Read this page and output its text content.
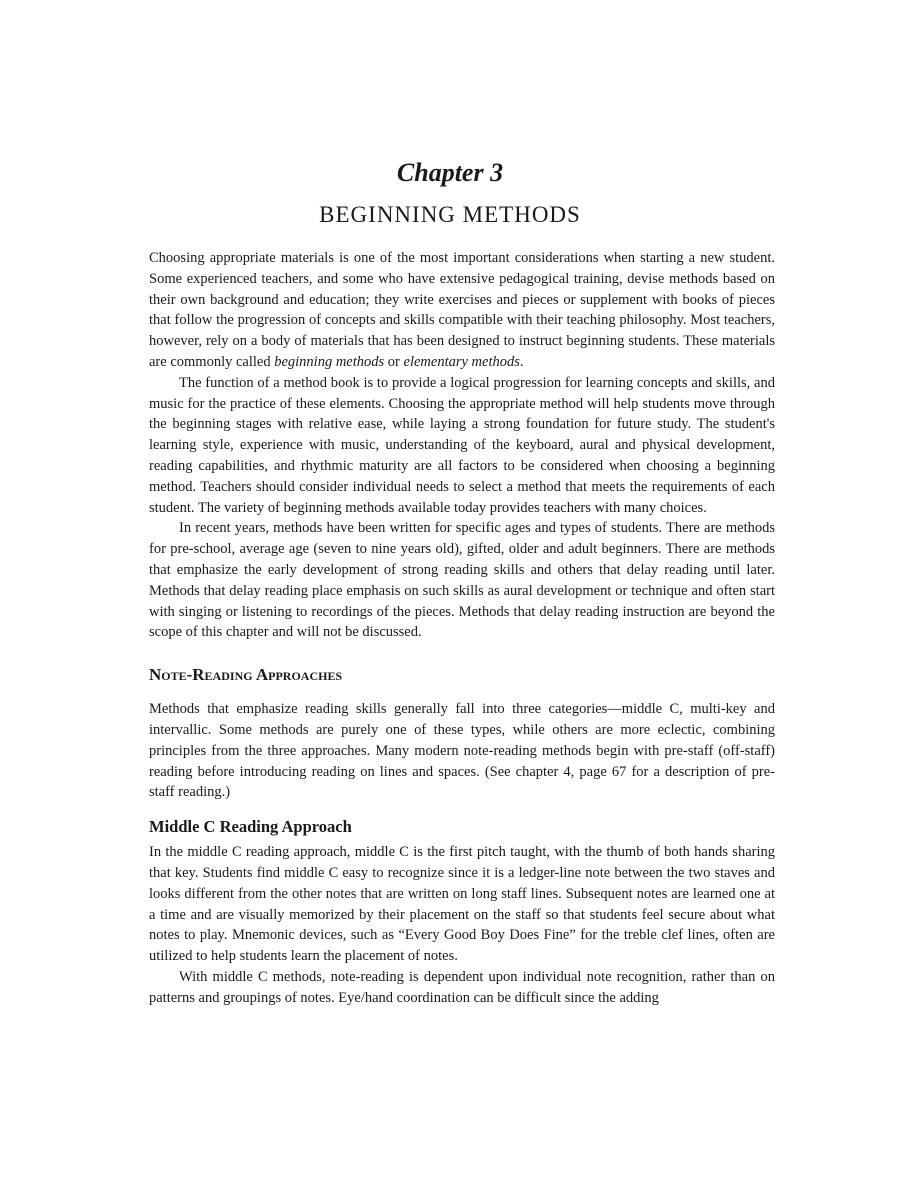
Chapter 3
BEGINNING METHODS

Choosing appropriate materials is one of the most important considerations when starting a new student. Some experienced teachers, and some who have extensive pedagogical training, devise methods based on their own background and education; they write exercises and pieces or supplement with books of pieces that follow the progression of concepts and skills compatible with their teaching philosophy. Most teachers, however, rely on a body of materials that has been designed to instruct beginning students. These materials are commonly called beginning methods or elementary methods.

The function of a method book is to provide a logical progression for learning concepts and skills, and music for the practice of these elements. Choosing the appropriate method will help students move through the beginning stages with relative ease, while laying a strong foundation for future study. The student's learning style, experience with music, understanding of the keyboard, aural and physical development, reading capabilities, and rhythmic maturity are all factors to be considered when choosing a beginning method. Teachers should consider individual needs to select a method that meets the requirements of each student. The variety of beginning methods available today provides teachers with many choices.

In recent years, methods have been written for specific ages and types of students. There are methods for pre-school, average age (seven to nine years old), gifted, older and adult beginners. There are methods that emphasize the early development of strong reading skills and others that delay reading until later. Methods that delay reading place emphasis on such skills as aural development or technique and often start with singing or listening to recordings of the pieces. Methods that delay reading instruction are beyond the scope of this chapter and will not be discussed.

Note-Reading Approaches

Methods that emphasize reading skills generally fall into three categories—middle C, multi-key and intervallic. Some methods are purely one of these types, while others are more eclectic, combining principles from the three approaches. Many modern note-reading methods begin with pre-staff (off-staff) reading before introducing reading on lines and spaces. (See chapter 4, page 67 for a description of pre-staff reading.)

Middle C Reading Approach

In the middle C reading approach, middle C is the first pitch taught, with the thumb of both hands sharing that key. Students find middle C easy to recognize since it is a ledger-line note between the two staves and looks different from the other notes that are written on long staff lines. Subsequent notes are learned one at a time and are visually memorized by their placement on the staff so that students feel secure about what notes to play. Mnemonic devices, such as “Every Good Boy Does Fine” for the treble clef lines, often are utilized to help students learn the placement of notes.

With middle C methods, note-reading is dependent upon individual note recognition, rather than on patterns and groupings of notes. Eye/hand coordination can be difficult since the adding
